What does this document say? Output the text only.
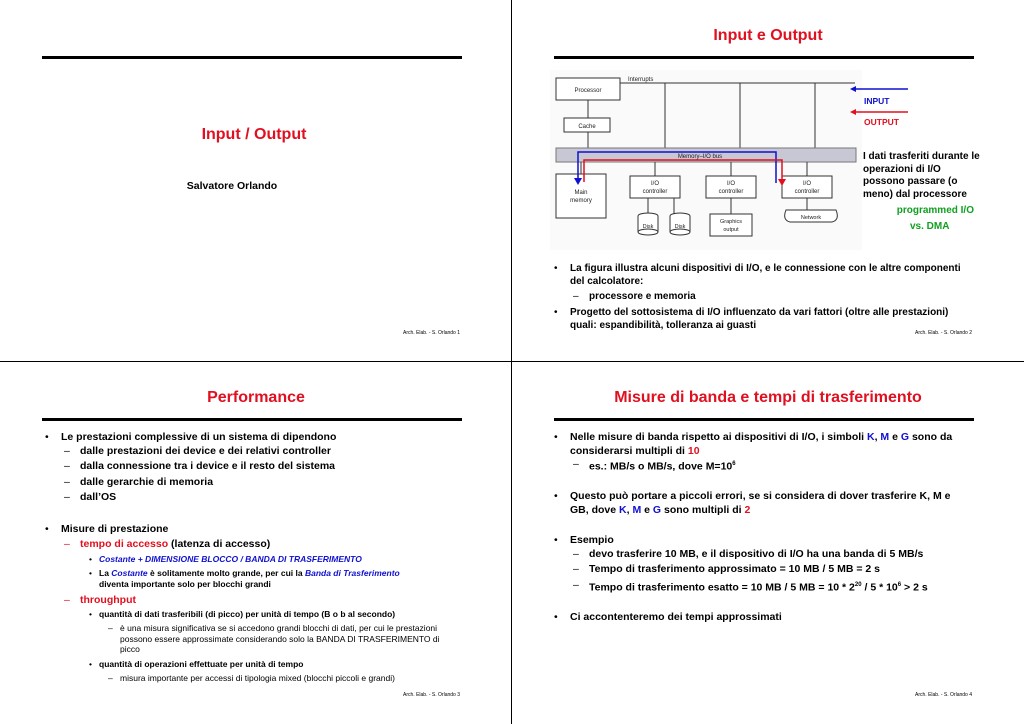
Input / Output
Salvatore Orlando
Arch. Elab. - S. Orlando 1
Input e Output
Processor
Interrupts
Cache
Memory–I/O bus
Main
memory
I/O
controller
I/O
controller
I/O
controller
Disk	Disk
Graphics
output
Network
INPUT
OUTPUT
I dati trasferiti durante le operazioni di I/O possono passare (o meno) dal processore
programmed I/O
vs. DMA
• La figura illustra alcuni dispositivi di I/O, e le connessione con le altre componenti del calcolatore:
– processore e memoria
• Progetto del sottosistema di I/O influenzato da vari fattori (oltre alle prestazioni) quali: espandibilità, tolleranza ai guasti
Arch. Elab. - S. Orlando 2
Performance
• Le prestazioni complessive di un sistema di dipendono
– dalle prestazioni dei device e dei relativi controller
– dalla connessione tra i device e il resto del sistema
– dalle gerarchie di memoria
– dall’OS
• Misure di prestazione
– tempo di accesso (latenza di accesso)
• Costante + DIMENSIONE BLOCCO / BANDA DI TRASFERIMENTO
• La Costante è solitamente molto grande, per cui la Banda di Trasferimento
diventa importante solo per blocchi grandi
– throughput
• quantità di dati trasferibili (di picco) per unità di tempo (B o b al secondo)
– è una misura significativa se si accedono grandi blocchi di dati, per cui le prestazioni possono essere approssimate considerando solo la BANDA DI TRASFERIMENTO di picco
• quantità di operazioni effettuate per unità di tempo
– misura importante per accessi di tipologia mixed (blocchi piccoli e grandi)
Arch. Elab. - S. Orlando 3
Misure di banda e tempi di trasferimento
• Nelle misure di banda rispetto ai dispositivi di I/O, i simboli K, M e G sono da considerarsi multipli di 10
– es.: MB/s o MB/s, dove $M=10^6$
• Questo può portare a piccoli errori, se si considera di dover trasferire K, M e GB, dove K, M e G sono multipli di 2
• Esempio
– devo trasferire 10 MB, e il dispositivo di I/O ha una banda di 5 MB/s
– Tempo di trasferimento approssimato = 10 MB / 5 MB = 2 s
– Tempo di trasferimento esatto = 10 MB / 5 MB = $10 * 2^{20} / 5 * 10^6 > 2$ s
• Ci accontenteremo dei tempi approssimati
Arch. Elab. - S. Orlando 4
